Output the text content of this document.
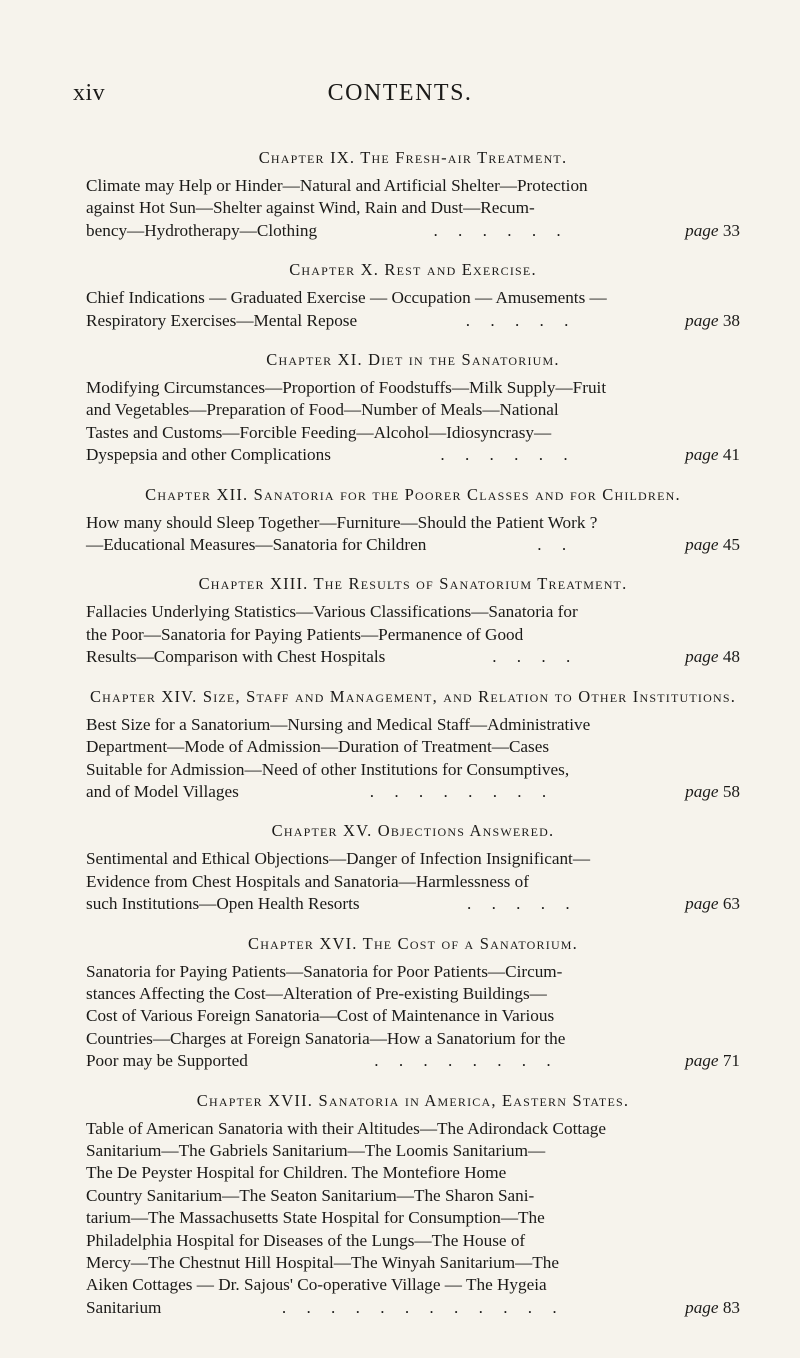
xiv	CONTENTS.
Chapter IX. The Fresh-air Treatment.
Climate may Help or Hinder—Natural and Artificial Shelter—Protection
against Hot Sun—Shelter against Wind, Rain and Dust—Recum-
bency—Hydrotherapy—Clothing	. . . . . .	page 33
Chapter X. Rest and Exercise.
Chief Indications — Graduated Exercise — Occupation — Amusements —
Respiratory Exercises—Mental Repose	. . . . .	page 38
Chapter XI. Diet in the Sanatorium.
Modifying Circumstances—Proportion of Foodstuffs—Milk Supply—Fruit
and Vegetables—Preparation of Food—Number of Meals—National
Tastes and Customs—Forcible Feeding—Alcohol—Idiosyncrasy—
Dyspepsia and other Complications	. . . . . .	page 41
Chapter XII. Sanatoria for the Poorer Classes and for Children.
How many should Sleep Together—Furniture—Should the Patient Work ?
—Educational Measures—Sanatoria for Children	. .	page 45
Chapter XIII. The Results of Sanatorium Treatment.
Fallacies Underlying Statistics—Various Classifications—Sanatoria for
the Poor—Sanatoria for Paying Patients—Permanence of Good
Results—Comparison with Chest Hospitals	. . . .	page 48
Chapter XIV. Size, Staff and Management, and Relation to Other Institutions.
Best Size for a Sanatorium—Nursing and Medical Staff—Administrative
Department—Mode of Admission—Duration of Treatment—Cases
Suitable for Admission—Need of other Institutions for Consumptives,
and of Model Villages	. . . . . . . .	page 58
Chapter XV. Objections Answered.
Sentimental and Ethical Objections—Danger of Infection Insignificant—
Evidence from Chest Hospitals and Sanatoria—Harmlessness of
such Institutions—Open Health Resorts	. . . . .	page 63
Chapter XVI. The Cost of a Sanatorium.
Sanatoria for Paying Patients—Sanatoria for Poor Patients—Circum-
stances Affecting the Cost—Alteration of Pre-existing Buildings—
Cost of Various Foreign Sanatoria—Cost of Maintenance in Various
Countries—Charges at Foreign Sanatoria—How a Sanatorium for the
Poor may be Supported	. . . . . . . .	page 71
Chapter XVII. Sanatoria in America, Eastern States.
Table of American Sanatoria with their Altitudes—The Adirondack Cottage
Sanitarium—The Gabriels Sanitarium—The Loomis Sanitarium—
The De Peyster Hospital for Children. The Montefiore Home
Country Sanitarium—The Seaton Sanitarium—The Sharon Sani-
tarium—The Massachusetts State Hospital for Consumption—The
Philadelphia Hospital for Diseases of the Lungs—The House of
Mercy—The Chestnut Hill Hospital—The Winyah Sanitarium—The
Aiken Cottages — Dr. Sajous' Co-operative Village — The Hygeia
Sanitarium	. . . . . . . . . . . .	page 83
